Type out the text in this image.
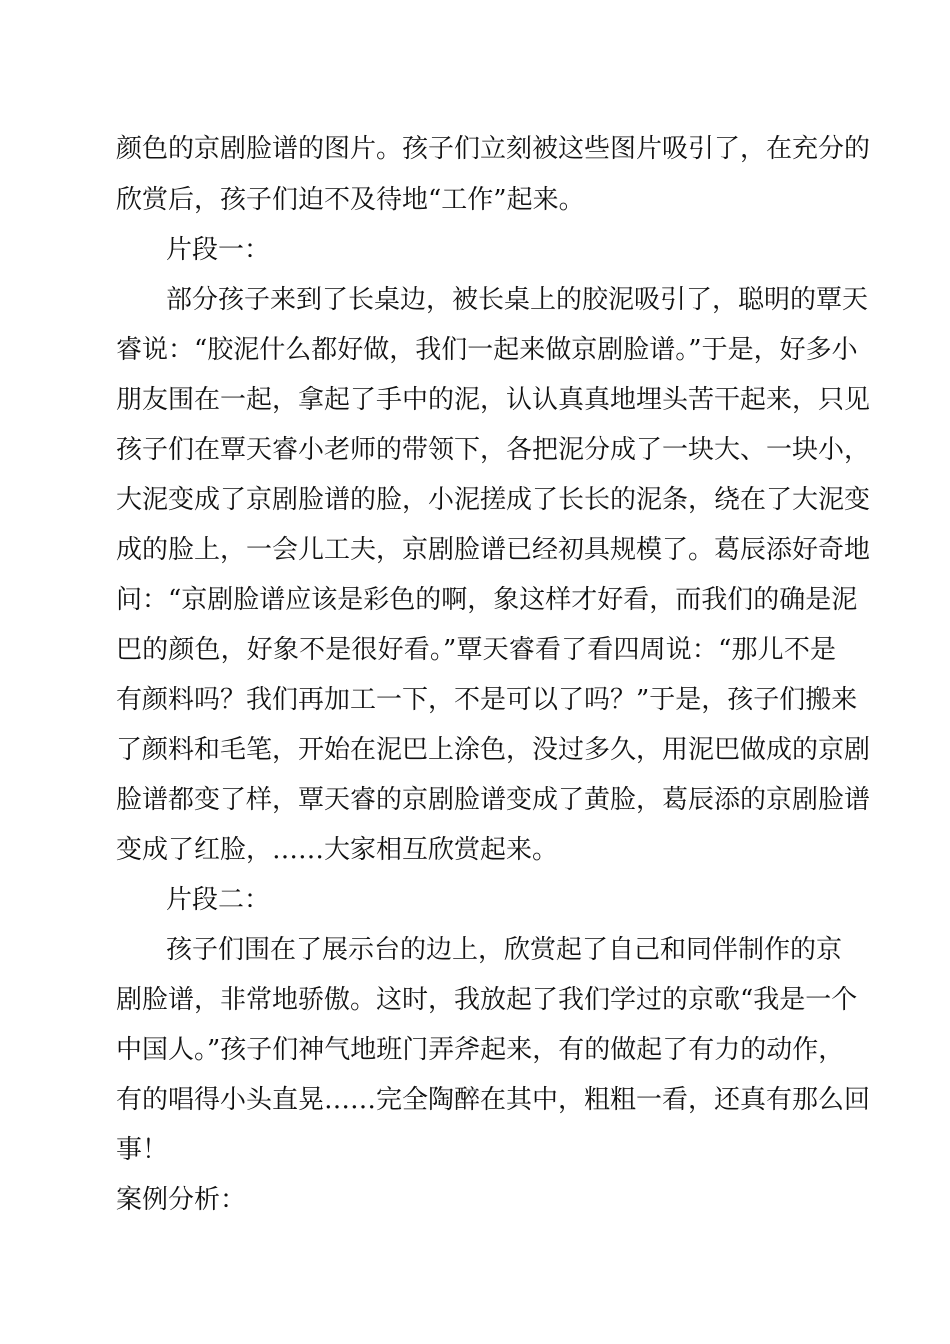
颜色的京剧脸谱的图片。孩子们立刻被这些图片吸引了，在充分的
欣赏后，孩子们迫不及待地“工作”起来。
片段一：
部分孩子来到了长桌边，被长桌上的胶泥吸引了，聪明的覃天
睿说：“胶泥什么都好做，我们一起来做京剧脸谱。”于是，好多小
朋友围在一起，拿起了手中的泥，认认真真地埋头苦干起来，只见
孩子们在覃天睿小老师的带领下，各把泥分成了一块大、一块小，
大泥变成了京剧脸谱的脸，小泥搓成了长长的泥条，绕在了大泥变
成的脸上，一会儿工夫，京剧脸谱已经初具规模了。葛辰添好奇地
问：“京剧脸谱应该是彩色的啊，象这样才好看，而我们的确是泥
巴的颜色，好象不是很好看。”覃天睿看了看四周说：“那儿不是
有颜料吗？我们再加工一下，不是可以了吗？”于是，孩子们搬来
了颜料和毛笔，开始在泥巴上涂色，没过多久，用泥巴做成的京剧
脸谱都变了样，覃天睿的京剧脸谱变成了黄脸，葛辰添的京剧脸谱
变成了红脸，……大家相互欣赏起来。
片段二：
孩子们围在了展示台的边上，欣赏起了自己和同伴制作的京
剧脸谱，非常地骄傲。这时，我放起了我们学过的京歌“我是一个
中国人。”孩子们神气地班门弄斧起来，有的做起了有力的动作，
有的唱得小头直晃……完全陶醉在其中，粗粗一看，还真有那么回
事！
案例分析：
